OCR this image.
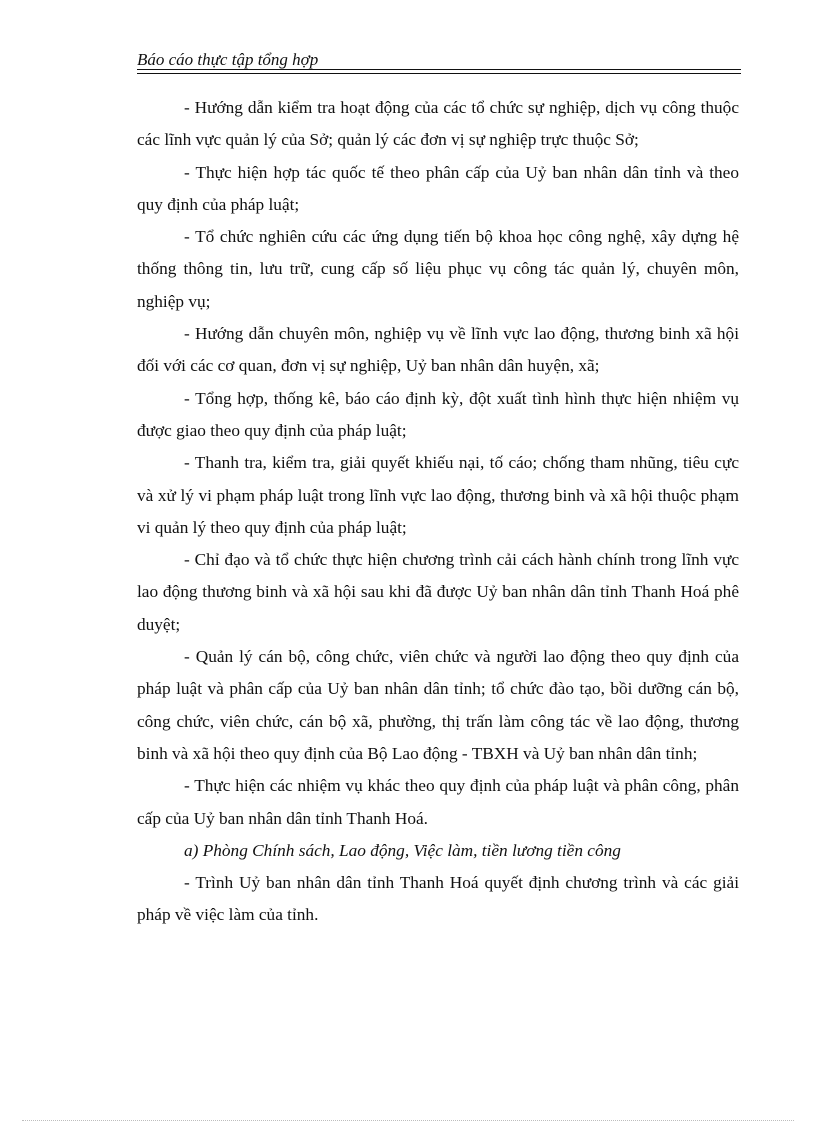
Báo cáo thực tập tổng hợp

- Hướng dẫn kiểm tra hoạt động của các tổ chức sự nghiệp, dịch vụ công thuộc các lĩnh vực quản lý của Sở; quản lý các đơn vị sự nghiệp trực thuộc Sở;

- Thực hiện hợp tác quốc tế theo phân cấp của Uỷ ban nhân dân tỉnh và theo quy định của pháp luật;

- Tổ chức nghiên cứu các ứng dụng tiến bộ khoa học công nghệ, xây dựng hệ thống thông tin, lưu trữ, cung cấp số liệu phục vụ công tác quản lý, chuyên môn, nghiệp vụ;

- Hướng dẫn chuyên môn, nghiệp vụ về lĩnh vực lao động, thương binh xã hội đối với các cơ quan, đơn vị sự nghiệp, Uỷ ban nhân dân huyện, xã;

- Tổng hợp, thống kê, báo cáo định kỳ, đột xuất tình hình thực hiện nhiệm vụ được giao theo quy định của pháp luật;

- Thanh tra, kiểm tra, giải quyết khiếu nại, tố cáo; chống tham nhũng, tiêu cực và xử lý vi phạm pháp luật trong lĩnh vực lao động, thương binh và xã hội thuộc phạm vi quản lý theo quy định của pháp luật;

- Chỉ đạo và tổ chức thực hiện chương trình cải cách hành chính trong lĩnh vực lao động thương binh và xã hội sau khi đã được Uỷ ban nhân dân tỉnh Thanh Hoá phê duyệt;

- Quản lý cán bộ, công chức, viên chức và người lao động theo quy định của pháp luật và phân cấp của Uỷ ban nhân dân tỉnh; tổ chức đào tạo, bồi dưỡng cán bộ, công chức, viên chức, cán bộ xã, phường, thị trấn làm công tác về lao động, thương binh và xã hội theo quy định của Bộ Lao động - TBXH và Uỷ ban nhân dân tỉnh;

- Thực hiện các nhiệm vụ khác theo quy định của pháp luật và phân công, phân cấp của Uỷ ban nhân dân tỉnh Thanh Hoá.

a) Phòng Chính sách, Lao động, Việc làm, tiền lương tiền công

- Trình Uỷ ban nhân dân tỉnh Thanh Hoá quyết định chương trình và các giải pháp về việc làm của tỉnh.
